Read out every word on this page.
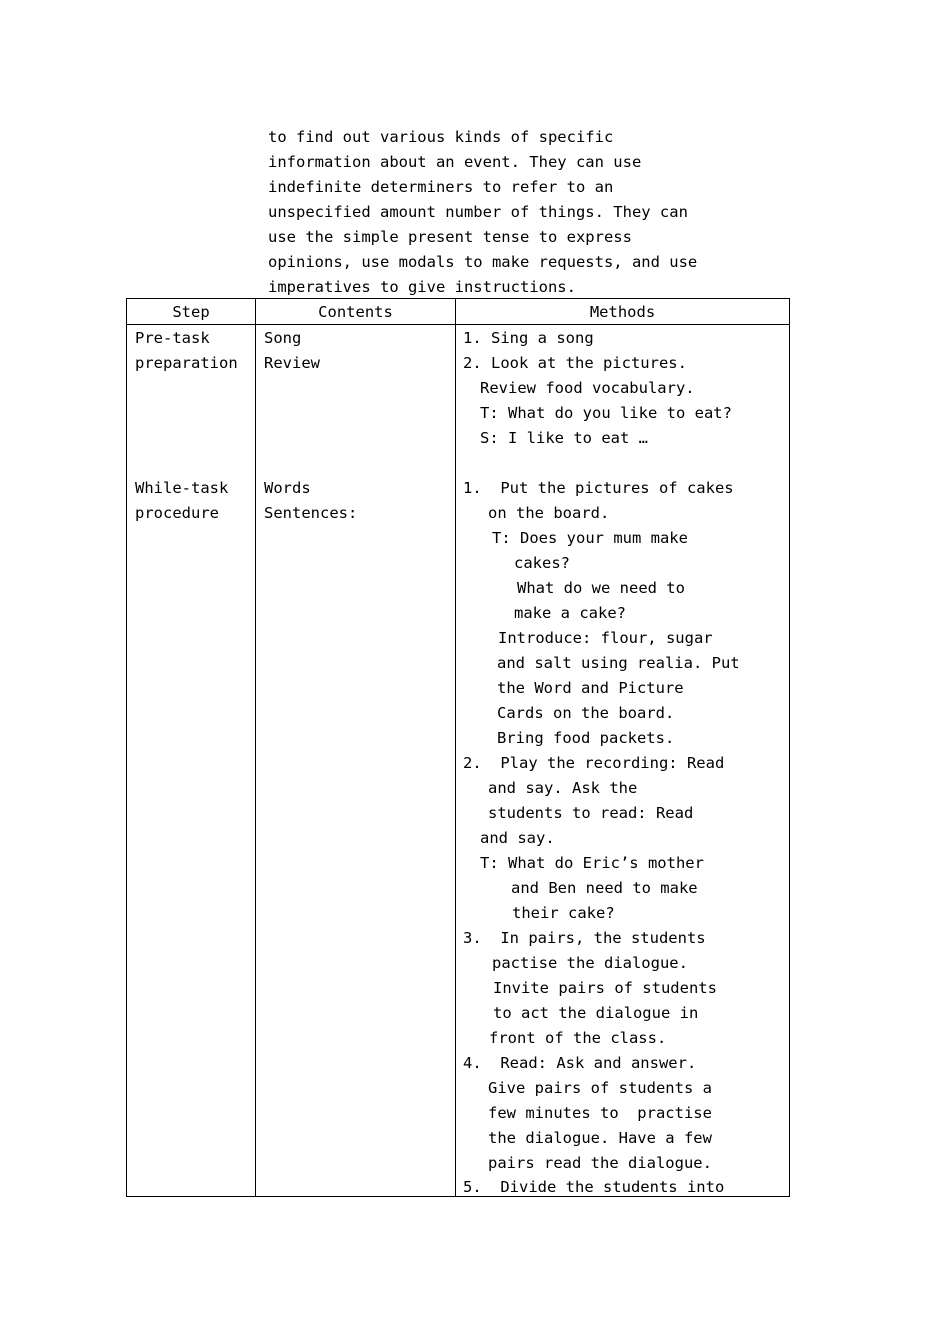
to find out various kinds of specific
information about an event. They can use
indefinite determiners to refer to an
unspecified amount number of things. They can
use the simple present tense to express
opinions, use modals to make requests, and use
imperatives to give instructions.
Step	Contents	Methods
Pre-task
preparation
While-task
procedure
Song
Review
Words
Sentences:
1. Sing a song
2. Look at the pictures.
Review food vocabulary.
T: What do you like to eat?
S: I like to eat …
1.  Put the pictures of cakes
on the board.
T: Does your mum make
cakes?
What do we need to
make a cake?
Introduce: flour, sugar
and salt using realia. Put
the Word and Picture
Cards on the board.
Bring food packets.
2.  Play the recording: Read
and say. Ask the
students to read: Read
and say.
T: What do Eric’s mother
and Ben need to make
their cake?
3.  In pairs, the students
pactise the dialogue.
Invite pairs of students
to act the dialogue in
front of the class.
4.  Read: Ask and answer.
Give pairs of students a
few minutes to  practise
the dialogue. Have a few
pairs read the dialogue.
5.  Divide the students into
